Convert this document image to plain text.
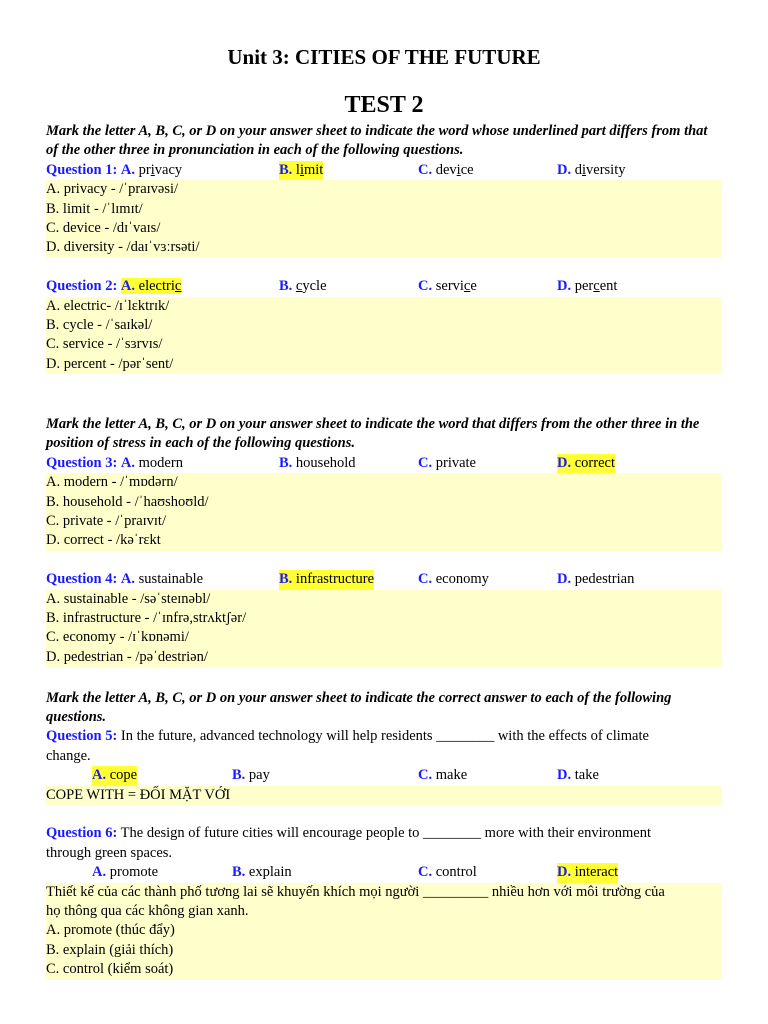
Unit 3: CITIES OF THE FUTURE
TEST 2
Mark the letter A, B, C, or D on your answer sheet to indicate the word whose underlined part differs from that of the other three in pronunciation in each of the following questions.
Question 1: A. privacy	B. limit	C. device	D. diversity
A. privacy - /ˈpraɪvəsi/
B. limit - /ˈlɪmɪt/
C. device - /dɪˈvaɪs/
D. diversity - /daɪˈvɜːrsəti/
Question 2: A. electric	B. cycle	C. service	D. percent
A. electric- /ɪˈlɛktrɪk/
B. cycle - /ˈsaɪkəl/
C. service - /ˈsɜrvɪs/
D. percent - /pərˈsent/
Mark the letter A, B, C, or D on your answer sheet to indicate the word that differs from the other three in the position of stress in each of the following questions.
Question 3: A. modern	B. household	C. private	D. correct
A. modern - /ˈmɒdərn/
B. household - /ˈhaʊshoʊld/
C. private - /ˈpraɪvɪt/
D. correct - /kəˈrɛkt
Question 4: A. sustainable	B. infrastructure	C. economy	D. pedestrian
A. sustainable - /səˈsteɪnəbl/
B. infrastructure - /ˈɪnfrə,strʌktʃər/
C. economy - /ɪˈkɒnəmi/
D. pedestrian - /pəˈdestriən/
Mark the letter A, B, C, or D on your answer sheet to indicate the correct answer to each of the following questions.
Question 5: In the future, advanced technology will help residents ________ with the effects of climate
change.
A. cope	B. pay	C. make	D. take
COPE WITH = ĐỐI MẶT VỚI
Question 6: The design of future cities will encourage people to ________ more with their environment
through green spaces.
A. promote	B. explain	C. control	D. interact
Thiết kế của các thành phố tương lai sẽ khuyến khích mọi người _________ nhiều hơn với môi trường của
họ thông qua các không gian xanh.
A. promote (thúc đẩy)
B. explain (giải thích)
C. control (kiểm soát)
